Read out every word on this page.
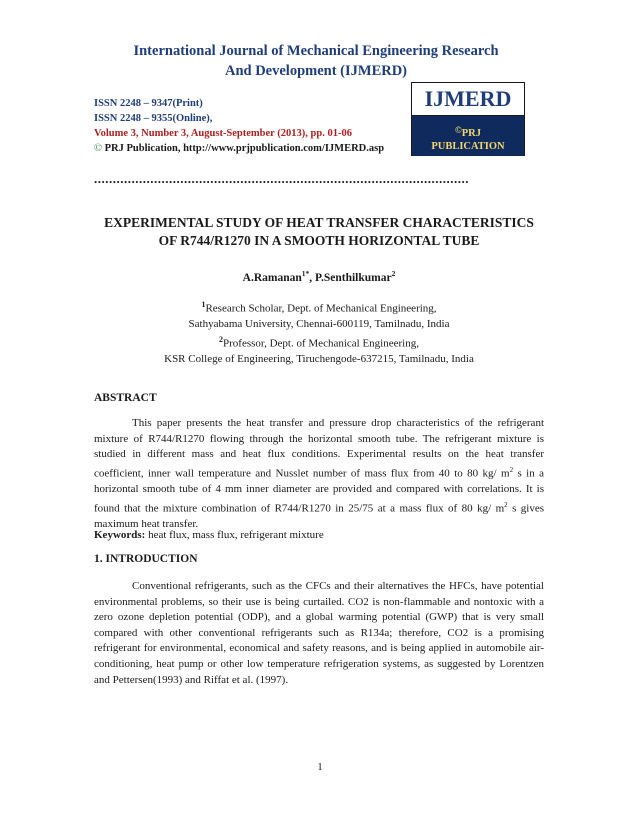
International Journal of Mechanical Engineering Research
And Development (IJMERD)
ISSN 2248 – 9347(Print)
ISSN 2248 – 9355(Online),
Volume 3, Number 3, August-September (2013), pp. 01-06
© PRJ Publication, http://www.prjpublication.com/IJMERD.asp
IJMERD
©PRJ
PUBLICATION
....................................................................................................
EXPERIMENTAL STUDY OF HEAT TRANSFER CHARACTERISTICS
OF R744/R1270 IN A SMOOTH HORIZONTAL TUBE
A.Ramanan$^{1*}$, P.Senthilkumar$^2$
$^1$Research Scholar, Dept. of Mechanical Engineering,
Sathyabama University, Chennai-600119, Tamilnadu, India
$^2$Professor, Dept. of Mechanical Engineering,
KSR College of Engineering, Tiruchengode-637215, Tamilnadu, India
ABSTRACT
This paper presents the heat transfer and pressure drop characteristics of the refrigerant mixture of R744/R1270 flowing through the horizontal smooth tube. The refrigerant mixture is studied in different mass and heat flux conditions. Experimental results on the heat transfer coefficient, inner wall temperature and Nusslet number of mass flux from 40 to 80 kg/ $m^2$ s in a horizontal smooth tube of 4 mm inner diameter are provided and compared with correlations. It is found that the mixture combination of R744/R1270 in 25/75 at a mass flux of 80 kg/ $m^2$ s gives maximum heat transfer.
Keywords: heat flux, mass flux, refrigerant mixture
1. INTRODUCTION
Conventional refrigerants, such as the CFCs and their alternatives the HFCs, have potential environmental problems, so their use is being curtailed. CO2 is non-flammable and nontoxic with a zero ozone depletion potential (ODP), and a global warming potential (GWP) that is very small compared with other conventional refrigerants such as R134a; therefore, CO2 is a promising refrigerant for environmental, economical and safety reasons, and is being applied in automobile air-conditioning, heat pump or other low temperature refrigeration systems, as suggested by Lorentzen and Pettersen(1993) and Riffat et al. (1997).
1
